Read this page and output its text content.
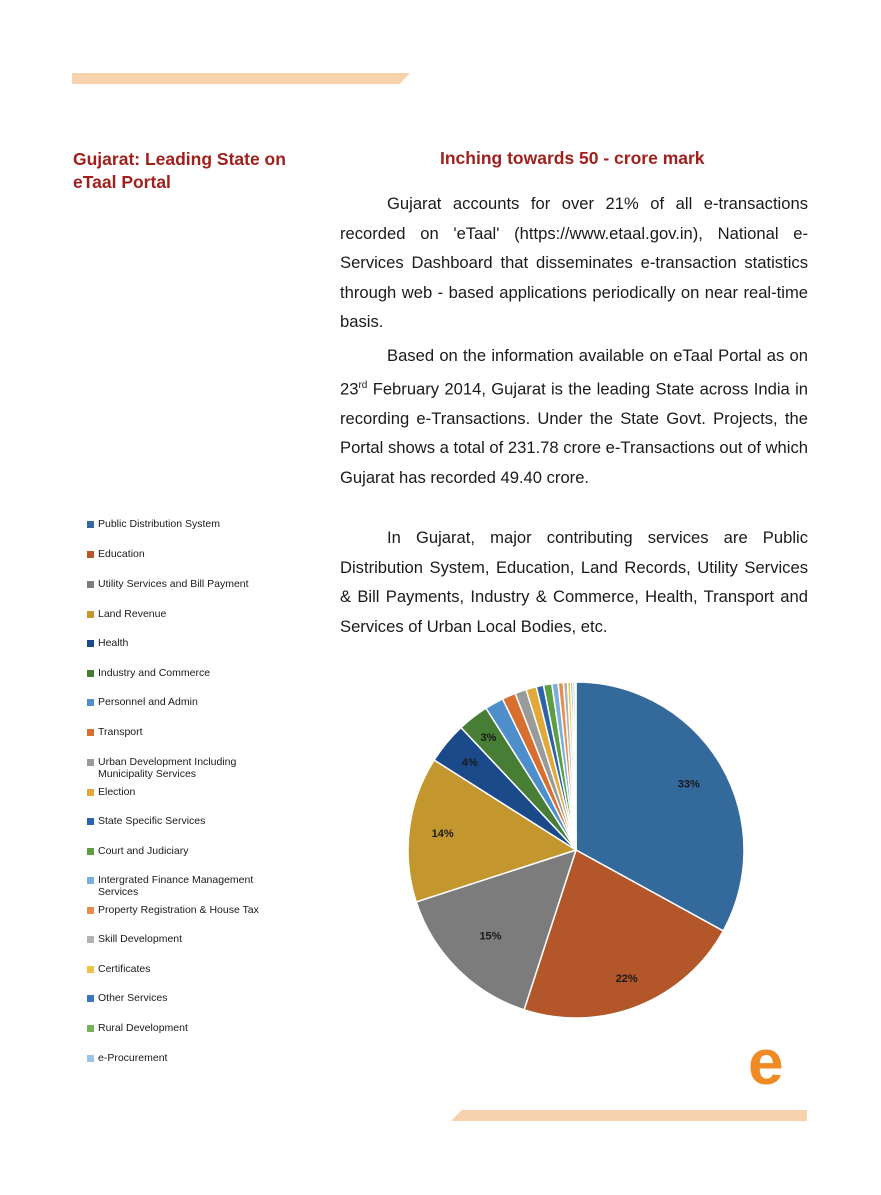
Gujarat: Leading State on eTaal Portal
Inching towards 50 - crore mark

Gujarat accounts for over 21% of all e-transactions recorded on 'eTaal' (https://www.etaal.gov.in), National e-Services Dashboard that disseminates e-transaction statistics through web - based applications periodically on near real-time basis.

Based on the information available on eTaal Portal as on 23rd February 2014, Gujarat is the leading State across India in recording e-Transactions. Under the State Govt. Projects, the Portal shows a total of 231.78 crore e-Transactions out of which Gujarat has recorded 49.40 crore.

In Gujarat, major contributing services are Public Distribution System, Education, Land Records, Utility Services & Bill Payments, Industry & Commerce, Health, Transport and Services of Urban Local Bodies, etc.

Public Distribution System
Education
Utility Services and Bill Payment
Land Revenue
Health
Industry and Commerce
Personnel and Admin
Transport
Urban Development Including Municipality Services
Election
State Specific Services
Court and Judiciary
Intergrated Finance Management Services
Property Registration & House Tax
Skill Development
Certificates
Other Services
Rural Development
e-Procurement
33%
22%
15%
14%
4%
3%
e
